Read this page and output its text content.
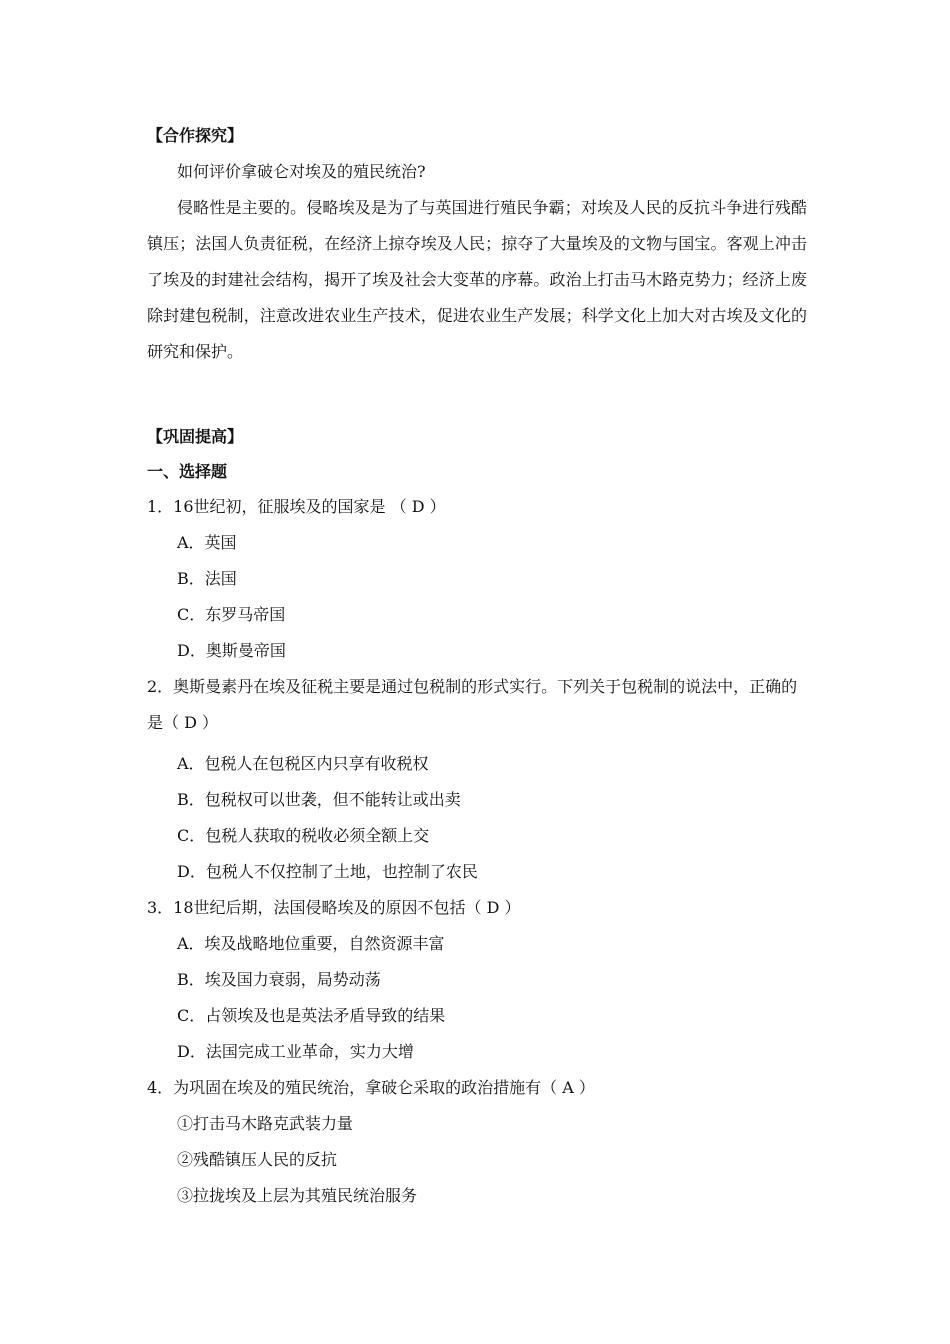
【合作探究】
如何评价拿破仑对埃及的殖民统治?
侵略性是主要的。侵略埃及是为了与英国进行殖民争霸；对埃及人民的反抗斗争进行残酷镇压；法国人负责征税，在经济上掠夺埃及人民；掠夺了大量埃及的文物与国宝。客观上冲击了埃及的封建社会结构，揭开了埃及社会大变革的序幕。政治上打击马木路克势力；经济上废除封建包税制，注意改进农业生产技术，促进农业生产发展；科学文化上加大对古埃及文化的研究和保护。
【巩固提高】
一、选择题
1．16世纪初，征服埃及的国家是 （ D ）
A．英国
B．法国
C．东罗马帝国
D．奥斯曼帝国
2．奥斯曼素丹在埃及征税主要是通过包税制的形式实行。下列关于包税制的说法中，正确的是（ D ）
A．包税人在包税区内只享有收税权
B．包税权可以世袭，但不能转让或出卖
C．包税人获取的税收必须全额上交
D．包税人不仅控制了土地，也控制了农民
3．18世纪后期，法国侵略埃及的原因不包括（ D ）
A．埃及战略地位重要，自然资源丰富
B．埃及国力衰弱，局势动荡
C．占领埃及也是英法矛盾导致的结果
D．法国完成工业革命，实力大增
4．为巩固在埃及的殖民统治，拿破仑采取的政治措施有（ A ）
①打击马木路克武装力量
②残酷镇压人民的反抗
③拉拢埃及上层为其殖民统治服务
